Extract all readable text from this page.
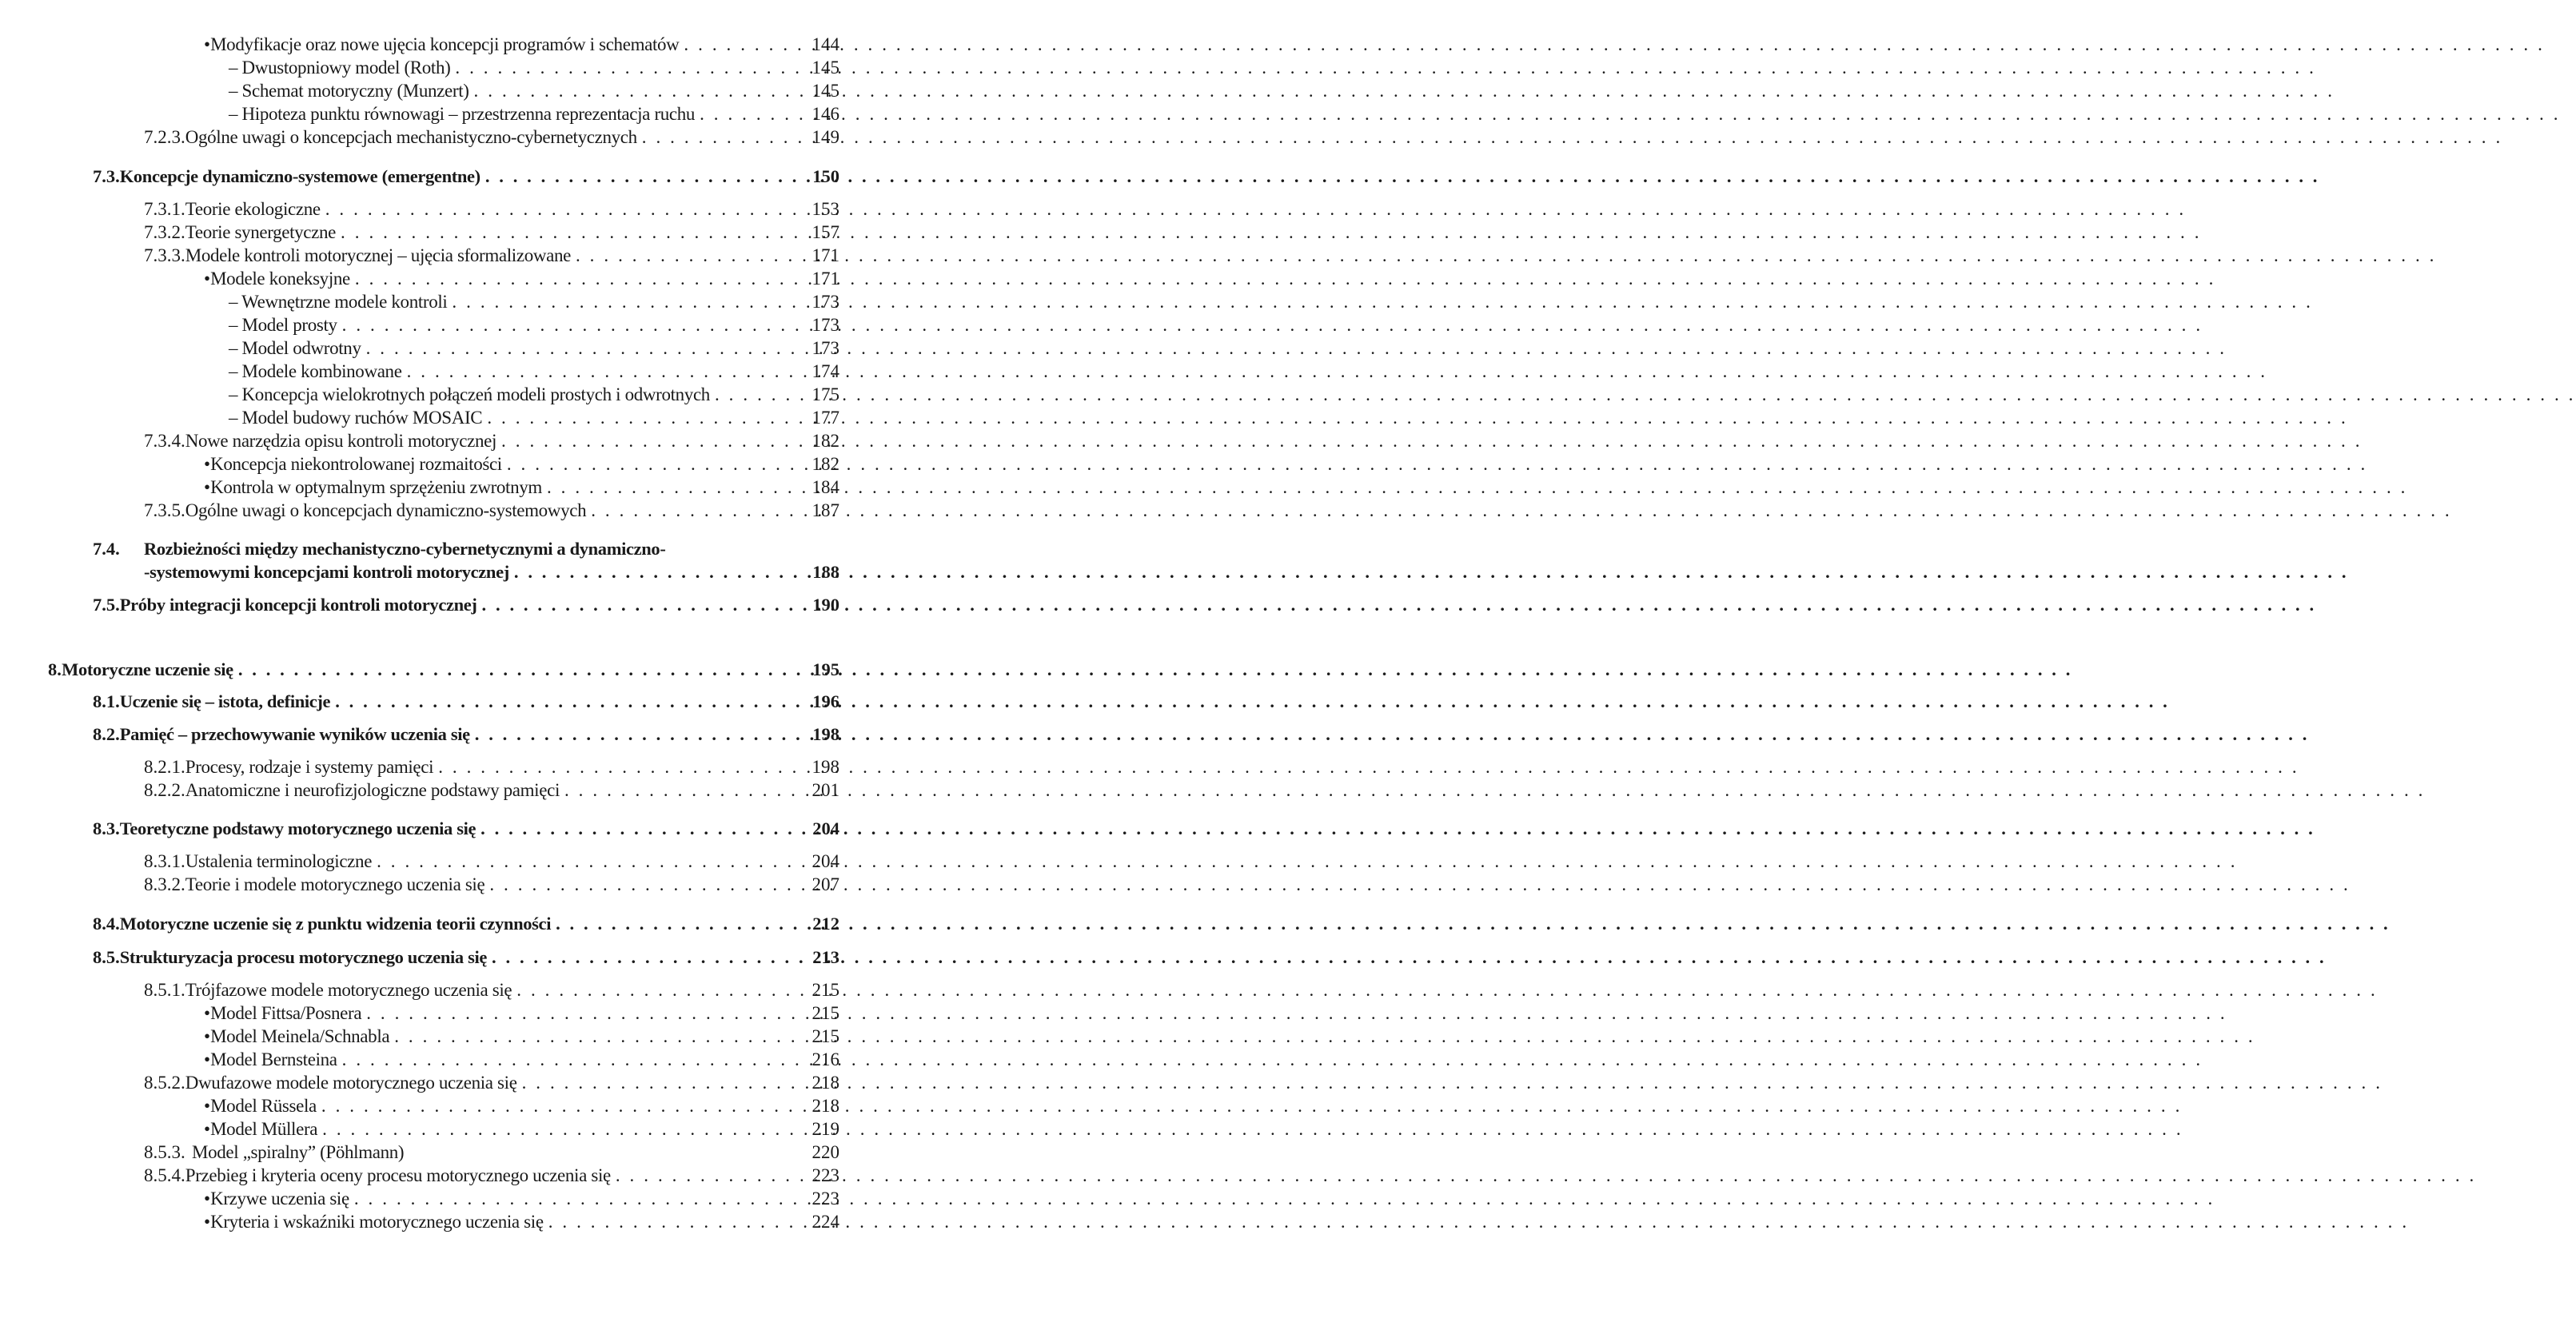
• Modyfikacje oraz nowe ujęcia koncepcji programów i schematów . . .	144
– Dwustopniowy model (Roth) . . .	145
– Schemat motoryczny (Munzert) . . .	145
– Hipoteza punktu równowagi – przestrzenna reprezentacja ruchu . . .	146
7.2.3. Ogólne uwagi o koncepcjach mechanistyczno-cybernetycznych . . .	149
7.3. Koncepcje dynamiczno-systemowe (emergentne) . . .	150
7.3.1. Teorie ekologiczne . . .	153
7.3.2. Teorie synergetyczne . . .	157
7.3.3. Modele kontroli motorycznej – ujęcia sformalizowane . . .	171
• Modele koneksyjne . . .	171
– Wewnętrzne modele kontroli . . .	173
– Model prosty . . .	173
– Model odwrotny . . .	173
– Modele kombinowane . . .	174
– Koncepcja wielokrotnych połączeń modeli prostych i odwrotnych . . .	175
– Model budowy ruchów MOSAIC . . .	177
7.3.4. Nowe narzędzia opisu kontroli motorycznej . . .	182
• Koncepcja niekontrolowanej rozmaitości . . .	182
• Kontrola w optymalnym sprzężeniu zwrotnym . . .	184
7.3.5. Ogólne uwagi o koncepcjach dynamiczno-systemowych . . .	187
7.4.	Rozbieżności między mechanistyczno-cybernetycznymi a dynamiczno-
-systemowymi koncepcjami kontroli motorycznej . . .	188
7.5. Próby integracji koncepcji kontroli motorycznej . . .	190
8. Motoryczne uczenie się . . .	195
8.1. Uczenie się – istota, definicje . . .	196
8.2. Pamięć – przechowywanie wyników uczenia się . . .	198
8.2.1. Procesy, rodzaje i systemy pamięci . . .	198
8.2.2. Anatomiczne i neurofizjologiczne podstawy pamięci . . .	201
8.3. Teoretyczne podstawy motorycznego uczenia się . . .	204
8.3.1. Ustalenia terminologiczne . . .	204
8.3.2. Teorie i modele motorycznego uczenia się . . .	207
8.4. Motoryczne uczenie się z punktu widzenia teorii czynności . . .	212
8.5. Strukturyzacja procesu motorycznego uczenia się . . .	213
8.5.1. Trójfazowe modele motorycznego uczenia się . . .	215
• Model Fittsa/Posnera . . .	215
• Model Meinela/Schnabla . . .	215
• Model Bernsteina . . .	216
8.5.2. Dwufazowe modele motorycznego uczenia się . . .	218
• Model Rüssela . . .	218
• Model Müllera . . .	219
8.5.3. Model „spiralny” (Pöhlmann)	220
8.5.4. Przebieg i kryteria oceny procesu motorycznego uczenia się . . .	223
• Krzywe uczenia się . . .	223
• Kryteria i wskaźniki motorycznego uczenia się . . .	224
